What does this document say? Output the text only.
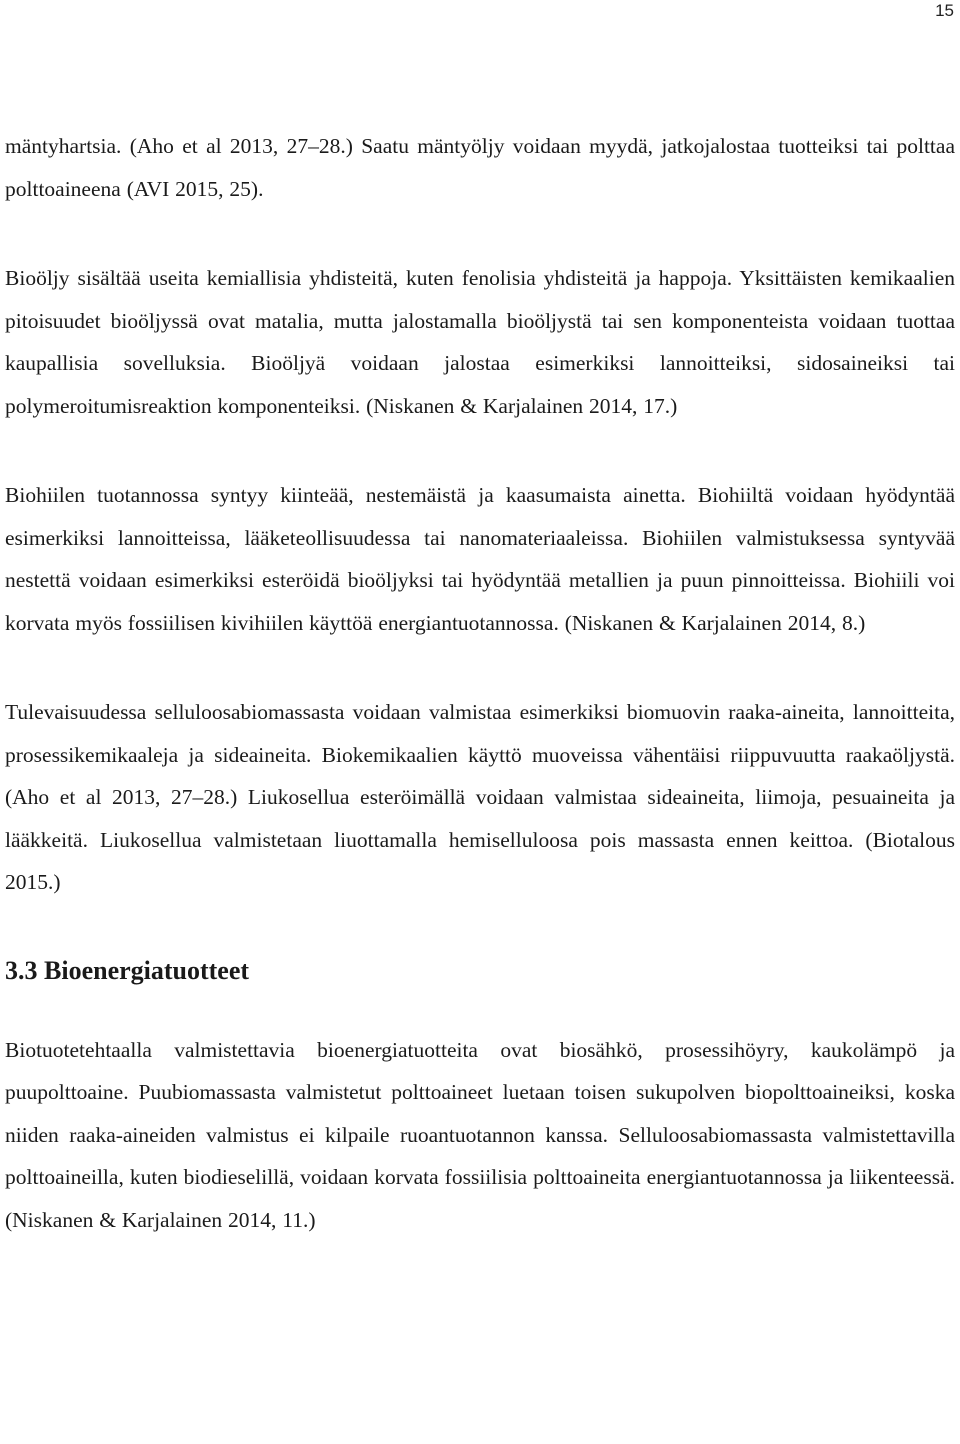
15

mäntyhartsia. (Aho et al 2013, 27–28.) Saatu mäntyöljy voidaan myydä, jatkojalostaa tuotteiksi tai polttaa polttoaineena (AVI 2015, 25).

Bioöljy sisältää useita kemiallisia yhdisteitä, kuten fenolisia yhdisteitä ja happoja. Yksittäisten kemikaalien pitoisuudet bioöljyssä ovat matalia, mutta jalostamalla bioöljystä tai sen komponenteista voidaan tuottaa kaupallisia sovelluksia. Bioöljyä voidaan jalostaa esimerkiksi lannoitteiksi, sidosaineiksi tai polymeroitumisreaktion komponenteiksi. (Niskanen & Karjalainen 2014, 17.)

Biohiilen tuotannossa syntyy kiinteää, nestemäistä ja kaasumaista ainetta. Biohiiltä voidaan hyödyntää esimerkiksi lannoitteissa, lääketeollisuudessa tai nanomateriaaleissa. Biohiilen valmistuksessa syntyvää nestettä voidaan esimerkiksi esteröidä bioöljyksi tai hyödyntää metallien ja puun pinnoitteissa. Biohiili voi korvata myös fossiilisen kivihiilen käyttöä energiantuotannossa. (Niskanen & Karjalainen 2014, 8.)

Tulevaisuudessa selluloosabiomassasta voidaan valmistaa esimerkiksi biomuovin raaka-aineita, lannoitteita, prosessikemikaaleja ja sideaineita. Biokemikaalien käyttö muoveissa vähentäisi riippuvuutta raakaöljystä. (Aho et al 2013, 27–28.) Liukosellua esteröimällä voidaan valmistaa sideaineita, liimoja, pesuaineita ja lääkkeitä. Liukosellua valmistetaan liuottamalla hemiselluloosa pois massasta ennen keittoa. (Biotalous 2015.)

3.3 Bioenergiatuotteet

Biotuotetehtaalla valmistettavia bioenergiatuotteita ovat biosähkö, prosessihöyry, kaukolämpö ja puupolttoaine. Puubiomassasta valmistetut polttoaineet luetaan toisen sukupolven biopolttoaineiksi, koska niiden raaka-aineiden valmistus ei kilpaile ruoantuotannon kanssa. Selluloosabiomassasta valmistettavilla polttoaineilla, kuten biodieselillä, voidaan korvata fossiilisia polttoaineita energiantuotannossa ja liikenteessä. (Niskanen & Karjalainen 2014, 11.)
